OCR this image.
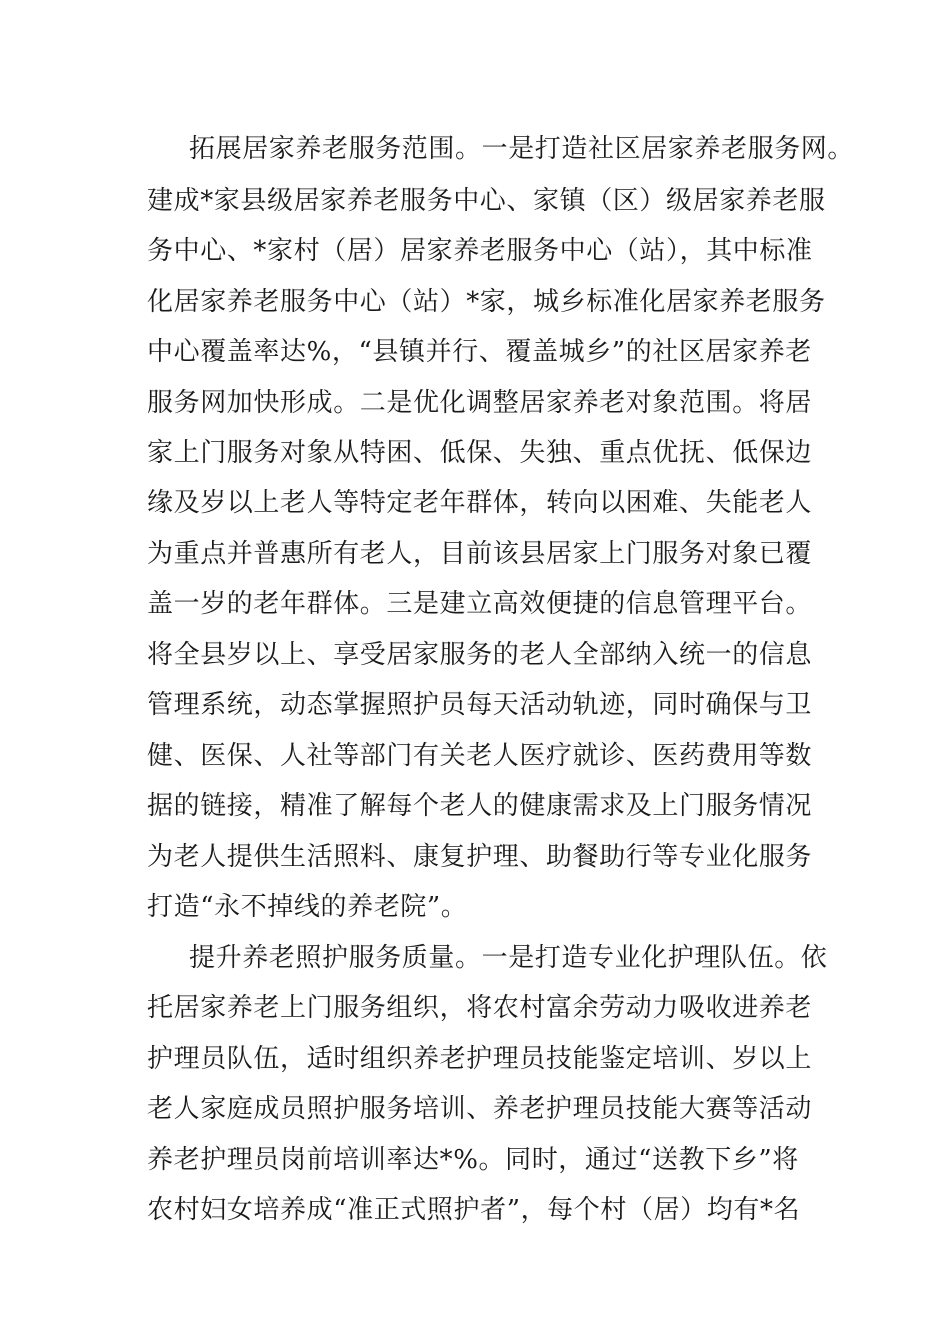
拓展居家养老服务范围。一是打造社区居家养老服务网。
建成*家县级居家养老服务中心、家镇（区）级居家养老服
务中心、*家村（居）居家养老服务中心（站），其中标准
化居家养老服务中心（站）*家，城乡标准化居家养老服务
中心覆盖率达%，“县镇并行、覆盖城乡”的社区居家养老
服务网加快形成。二是优化调整居家养老对象范围。将居
家上门服务对象从特困、低保、失独、重点优抚、低保边
缘及岁以上老人等特定老年群体，转向以困难、失能老人
为重点并普惠所有老人，目前该县居家上门服务对象已覆
盖一岁的老年群体。三是建立高效便捷的信息管理平台。
将全县岁以上、享受居家服务的老人全部纳入统一的信息
管理系统，动态掌握照护员每天活动轨迹，同时确保与卫
健、医保、人社等部门有关老人医疗就诊、医药费用等数
据的链接，精准了解每个老人的健康需求及上门服务情况
为老人提供生活照料、康复护理、助餐助行等专业化服务
打造“永不掉线的养老院”。
提升养老照护服务质量。一是打造专业化护理队伍。依
托居家养老上门服务组织，将农村富余劳动力吸收进养老
护理员队伍，适时组织养老护理员技能鉴定培训、岁以上
老人家庭成员照护服务培训、养老护理员技能大赛等活动
养老护理员岗前培训率达*%。同时，通过“送教下乡”将
农村妇女培养成“准正式照护者”，每个村（居）均有*名
